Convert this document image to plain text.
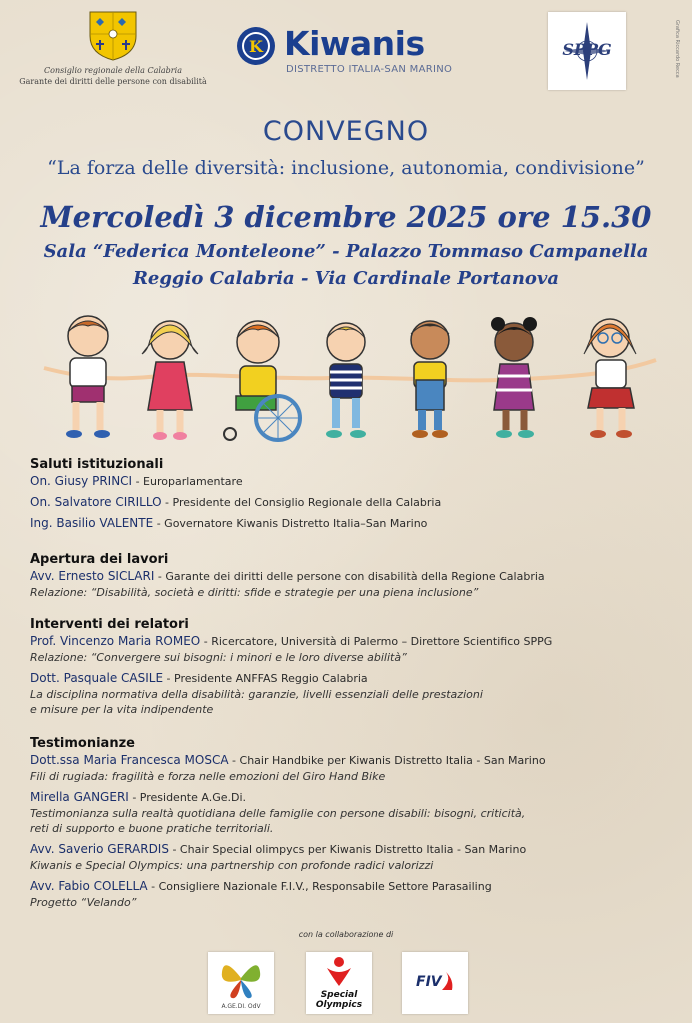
Consiglio regionale della Calabria
Garante dei diritti delle persone con disabilità
K Kiwanis
DISTRETTO ITALIA-SAN MARINO
SPPG	Grafica Riccardo Recca
CONVEGNO
“La forza delle diversità: inclusione, autonomia, condivisione”
Mercoledì 3 dicembre 2025 ore 15.30
Sala “Federica Monteleone” - Palazzo Tommaso Campanella
Reggio Calabria - Via Cardinale Portanova
Saluti istituzionali
On. Giusy PRINCI - Europarlamentare
On. Salvatore CIRILLO - Presidente del Consiglio Regionale della Calabria
Ing. Basilio VALENTE - Governatore Kiwanis Distretto Italia–San Marino
Apertura dei lavori
Avv. Ernesto SICLARI - Garante dei diritti delle persone con disabilità della Regione Calabria
Relazione: “Disabilità, società e diritti: sfide e strategie per una piena inclusione”
Interventi dei relatori
Prof. Vincenzo Maria ROMEO - Ricercatore, Università di Palermo – Direttore Scientifico SPPG
Relazione: “Convergere sui bisogni: i minori e le loro diverse abilità”
Dott. Pasquale CASILE - Presidente ANFFAS Reggio Calabria
La disciplina normativa della disabilità: garanzie, livelli essenziali delle prestazioni
e misure per la vita indipendente
Testimonianze
Dott.ssa Maria Francesca MOSCA - Chair Handbike per Kiwanis Distretto Italia - San Marino
Fili di rugiada: fragilità e forza nelle emozioni del Giro Hand Bike
Mirella GANGERI - Presidente A.Ge.Di.
Testimonianza sulla realtà quotidiana delle famiglie con persone disabili: bisogni, criticità,
reti di supporto e buone pratiche territoriali.
Avv. Saverio GERARDIS - Chair Special olimpycs per Kiwanis Distretto Italia - San Marino
Kiwanis e Special Olympics: una partnership con profonde radici valorizzi
Avv. Fabio COLELLA - Consigliere Nazionale F.I.V., Responsabile Settore Parasailing
Progetto “Velando”
con la collaborazione di
A.GE.DI. OdV
Special
Olympics
FIV
